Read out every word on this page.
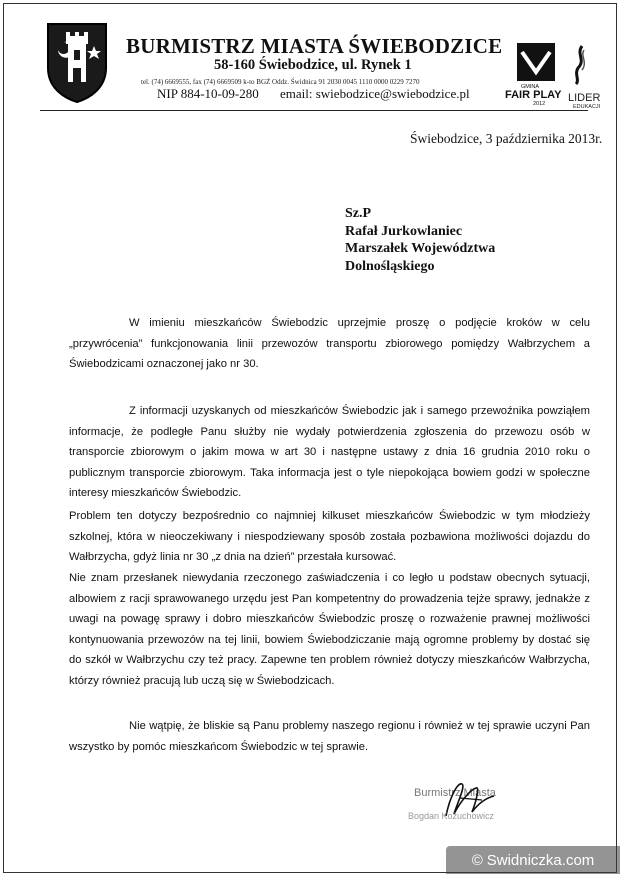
BURMISTRZ MIASTA ŚWIEBODZICE
58-160 Świebodzice, ul. Rynek 1
tel. (74) 6669555, fax (74) 6669509 k-to BGŻ Oddz. Świdnica 91 2030 0045 1110 0000 0229 7270
NIP 884-10-09-280 email: swiebodzice@swiebodzice.pl	GMINA
FAIR PLAY
2012 LIDER
EDUKACJI
Świebodzice, 3 października 2013r.
Sz.P
Rafał Jurkowlaniec
Marszałek Województwa
Dolnośląskiego
W imieniu mieszkańców Świebodzic uprzejmie proszę o podjęcie kroków w celu „przywrócenia” funkcjonowania linii przewozów transportu zbiorowego pomiędzy Wałbrzychem a Świebodzicami oznaczonej jako nr 30.
Z informacji uzyskanych od mieszkańców Świebodzic jak i samego przewoźnika powziąłem informacje, że podległe Panu służby nie wydały potwierdzenia zgłoszenia do przewozu osób w transporcie zbiorowym o jakim mowa w art 30 i następne ustawy z dnia 16 grudnia 2010 roku o publicznym transporcie zbiorowym. Taka informacja jest o tyle niepokojąca bowiem godzi w społeczne interesy mieszkańców Świebodzic.
Problem ten dotyczy bezpośrednio co najmniej kilkuset mieszkańców Świebodzic w tym młodzieży szkolnej, która w nieoczekiwany i niespodziewany sposób została pozbawiona możliwości dojazdu do Wałbrzycha, gdyż linia nr 30 „z dnia na dzień” przestała kursować.
Nie znam przesłanek niewydania rzeczonego zaświadczenia i co legło u podstaw obecnych sytuacji, albowiem z racji sprawowanego urzędu jest Pan kompetentny do prowadzenia tejże sprawy, jednakże z uwagi na powagę sprawy i dobro mieszkańców Świebodzic proszę o rozważenie prawnej możliwości kontynuowania przewozów na tej linii, bowiem Świebodziczanie mają ogromne problemy by dostać się do szkół w Wałbrzychu czy też pracy. Zapewne ten problem również dotyczy mieszkańców Wałbrzycha, którzy również pracują lub uczą się w Świebodzicach.
Nie wątpię, że bliskie są Panu problemy naszego regionu i również w tej sprawie uczyni Pan wszystko by pomóc mieszkańcom Świebodzic w tej sprawie.
Burmistrz Miasta
Bogdan Kożuchowicz
© Swidniczka.com
